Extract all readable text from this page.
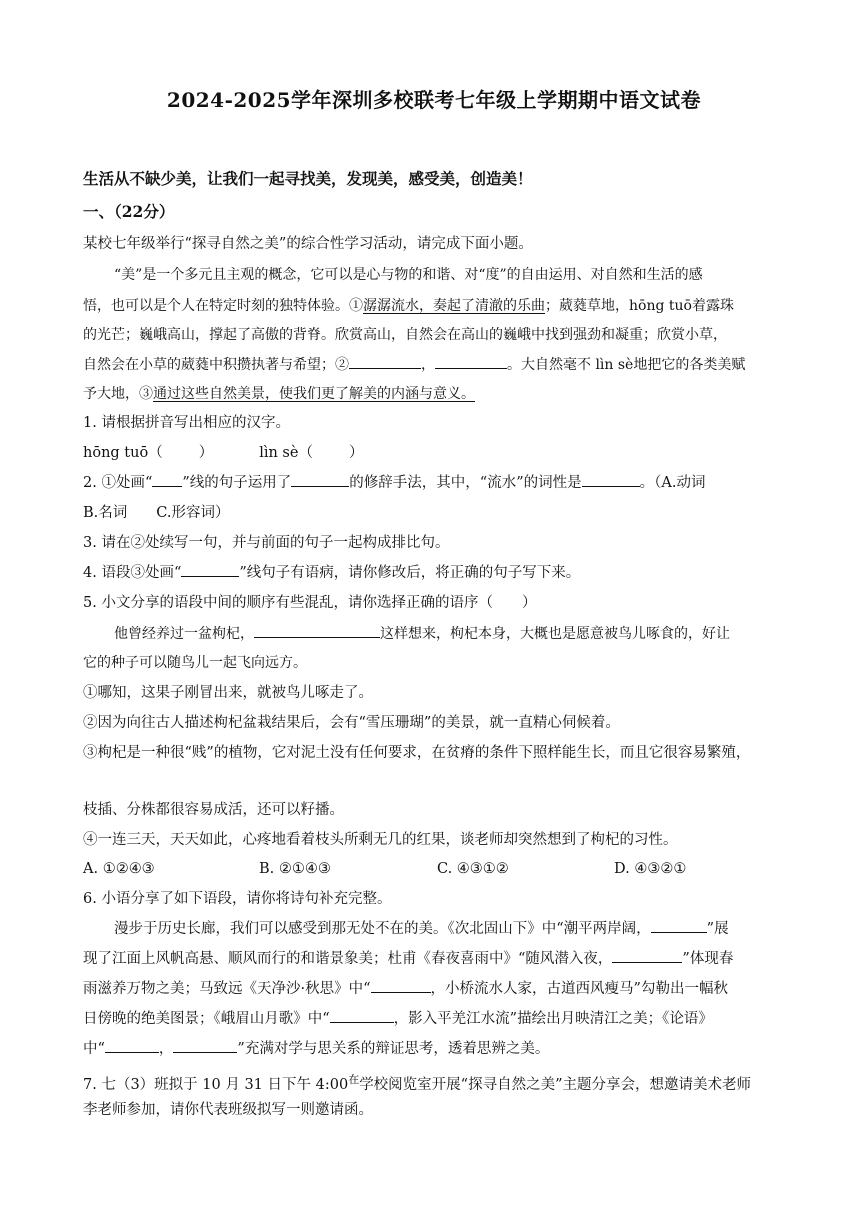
2024-2025学年深圳多校联考七年级上学期期中语文试卷
生活从不缺少美，让我们一起寻找美，发现美，感受美，创造美！
一、（22分）
某校七年级举行“探寻自然之美”的综合性学习活动，请完成下面小题。
“美”是一个多元且主观的概念，它可以是心与物的和谐、对“度”的自由运用、对自然和生活的感
悟，也可以是个人在特定时刻的独特体验。①潺潺流水，奏起了清澈的乐曲；葳蕤草地，hōng tuō着露珠
的光芒；巍峨高山，撑起了高傲的背脊。欣赏高山，自然会在高山的巍峨中找到强劲和凝重；欣赏小草，
自然会在小草的葳蕤中积攒执著与希望；②	，	。大自然毫不 lìn sè地把它的各类美赋
予大地，③通过这些自然美景，使我们更了解美的内涵与意义。
1. 请根据拼音写出相应的汉字。
hōng tuō（ ）	lìn sè（ ）
2. ①处画“ ”线的句子运用了	的修辞手法，其中，“流水”的词性是	。（A.动词
B.名词　　C.形容词）
3. 请在②处续写一句，并与前面的句子一起构成排比句。
4. 语段③处画“	”线句子有语病，请你修改后，将正确的句子写下来。
5. 小文分享的语段中间的顺序有些混乱，请你选择正确的语序（　　）
他曾经养过一盆枸杞，	这样想来，枸杞本身，大概也是愿意被鸟儿啄食的，好让
它的种子可以随鸟儿一起飞向远方。
①哪知，这果子刚冒出来，就被鸟儿啄走了。
②因为向往古人描述枸杞盆栽结果后，会有“雪压珊瑚”的美景，就一直精心伺候着。
③枸杞是一种很“贱”的植物，它对泥土没有任何要求，在贫瘠的条件下照样能生长，而且它很容易繁殖，
枝插、分株都很容易成活，还可以籽播。
④一连三天，天天如此，心疼地看着枝头所剩无几的红果，谈老师却突然想到了枸杞的习性。
A. ①②④③	B. ②①④③	C. ④③①②	D. ④③②①
6. 小语分享了如下语段，请你将诗句补充完整。
漫步于历史长廊，我们可以感受到那无处不在的美。《次北固山下》中“潮平两岸阔，	”展
现了江面上风帆高悬、顺风而行的和谐景象美；杜甫《春夜喜雨中》“随风潜入夜，	”体现春
雨滋养万物之美；马致远《天净沙·秋思》中“	，小桥流水人家，古道西风瘦马”勾勒出一幅秋
日傍晚的绝美图景；《峨眉山月歌》中“	，影入平羌江水流”描绘出月映清江之美；《论语》
中“	，	”充满对学与思关系的辩证思考，透着思辨之美。
7. 七（3）班拟于 10 月 31 日下午 $4:00^在$学校阅览室开展“探寻自然之美”主题分享会，想邀请美术老师
李老师参加，请你代表班级拟写一则邀请函。
